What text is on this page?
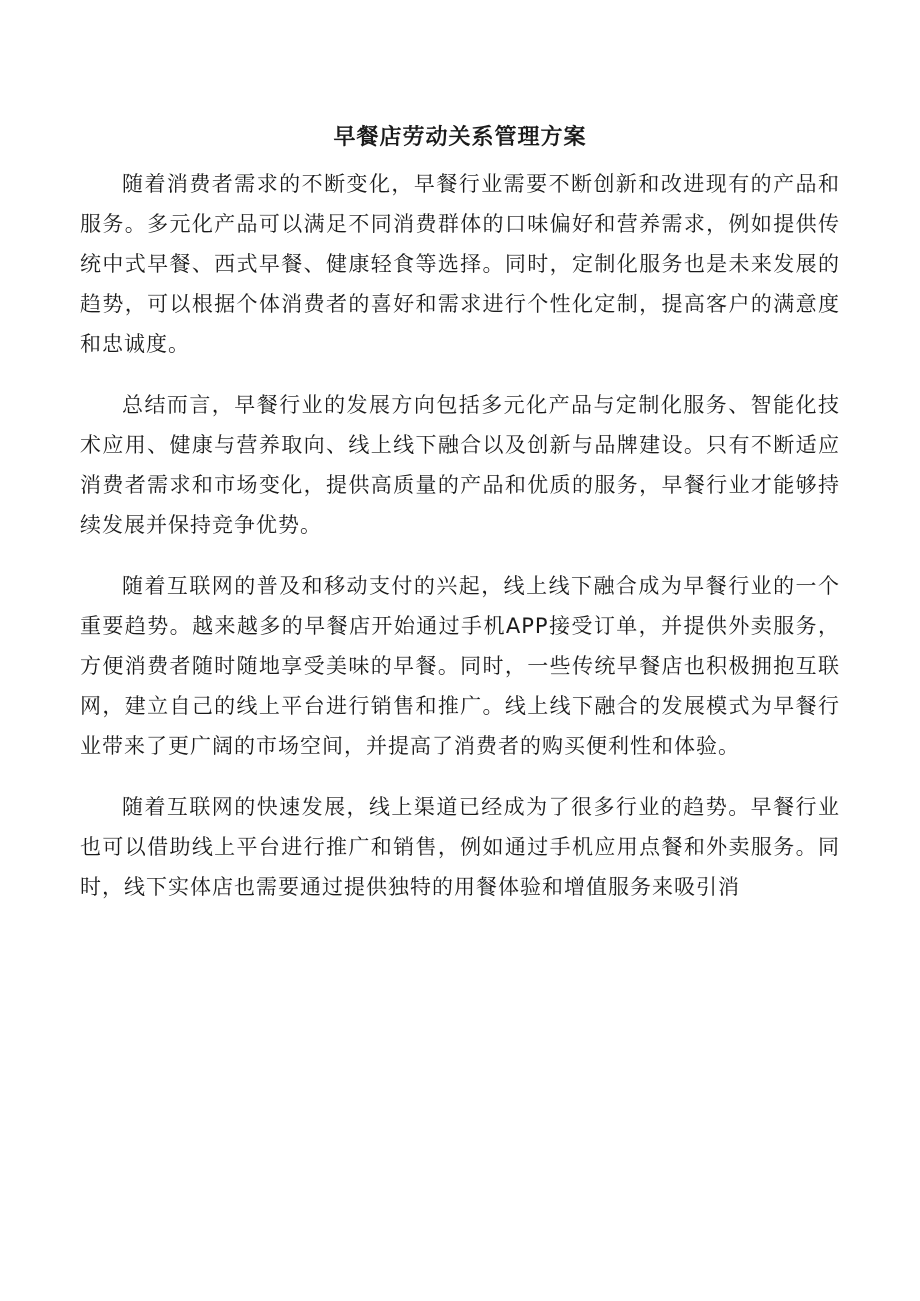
早餐店劳动关系管理方案

随着消费者需求的不断变化，早餐行业需要不断创新和改进现有的产品和服务。多元化产品可以满足不同消费群体的口味偏好和营养需求，例如提供传统中式早餐、西式早餐、健康轻食等选择。同时，定制化服务也是未来发展的趋势，可以根据个体消费者的喜好和需求进行个性化定制，提高客户的满意度和忠诚度。

总结而言，早餐行业的发展方向包括多元化产品与定制化服务、智能化技术应用、健康与营养取向、线上线下融合以及创新与品牌建设。只有不断适应消费者需求和市场变化，提供高质量的产品和优质的服务，早餐行业才能够持续发展并保持竞争优势。

随着互联网的普及和移动支付的兴起，线上线下融合成为早餐行业的一个重要趋势。越来越多的早餐店开始通过手机APP接受订单，并提供外卖服务，方便消费者随时随地享受美味的早餐。同时，一些传统早餐店也积极拥抱互联网，建立自己的线上平台进行销售和推广。线上线下融合的发展模式为早餐行业带来了更广阔的市场空间，并提高了消费者的购买便利性和体验。

随着互联网的快速发展，线上渠道已经成为了很多行业的趋势。早餐行业也可以借助线上平台进行推广和销售，例如通过手机应用点餐和外卖服务。同时，线下实体店也需要通过提供独特的用餐体验和增值服务来吸引消
